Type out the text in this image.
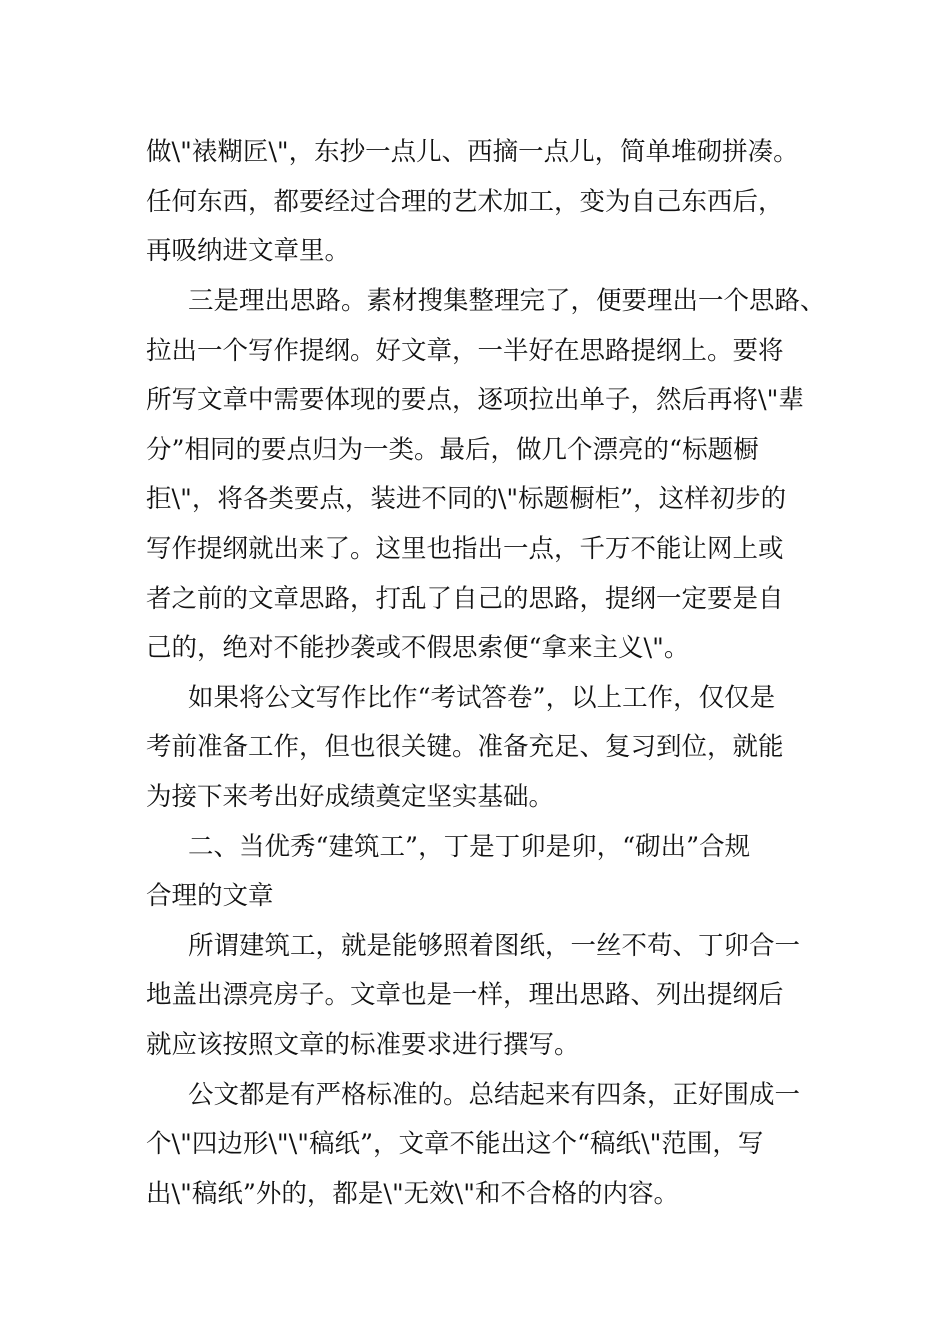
做\"裱糊匠\"，东抄一点儿、西摘一点儿，简单堆砌拼凑。

任何东西，都要经过合理的艺术加工，变为自己东西后，

再吸纳进文章里。

三是理出思路。素材搜集整理完了，便要理出一个思路、

拉出一个写作提纲。好文章，一半好在思路提纲上。要将

所写文章中需要体现的要点，逐项拉出单子，然后再将\"辈

分”相同的要点归为一类。最后，做几个漂亮的“标题橱

拒\"，将各类要点，装进不同的\"标题橱柜”，这样初步的

写作提纲就出来了。这里也指出一点，千万不能让网上或

者之前的文章思路，打乱了自己的思路，提纲一定要是自

己的，绝对不能抄袭或不假思索便“拿来主义\"。

如果将公文写作比作“考试答卷”，以上工作，仅仅是

考前准备工作，但也很关键。准备充足、复习到位，就能

为接下来考出好成绩奠定坚实基础。

二、当优秀“建筑工”，丁是丁卯是卯，“砌出”合规

合理的文章

所谓建筑工，就是能够照着图纸，一丝不苟、丁卯合一

地盖出漂亮房子。文章也是一样，理出思路、列出提纲后

就应该按照文章的标准要求进行撰写。

公文都是有严格标准的。总结起来有四条，正好围成一

个\"四边形\"\"稿纸”，文章不能出这个“稿纸\"范围，写

出\"稿纸”外的，都是\"无效\"和不合格的内容。
